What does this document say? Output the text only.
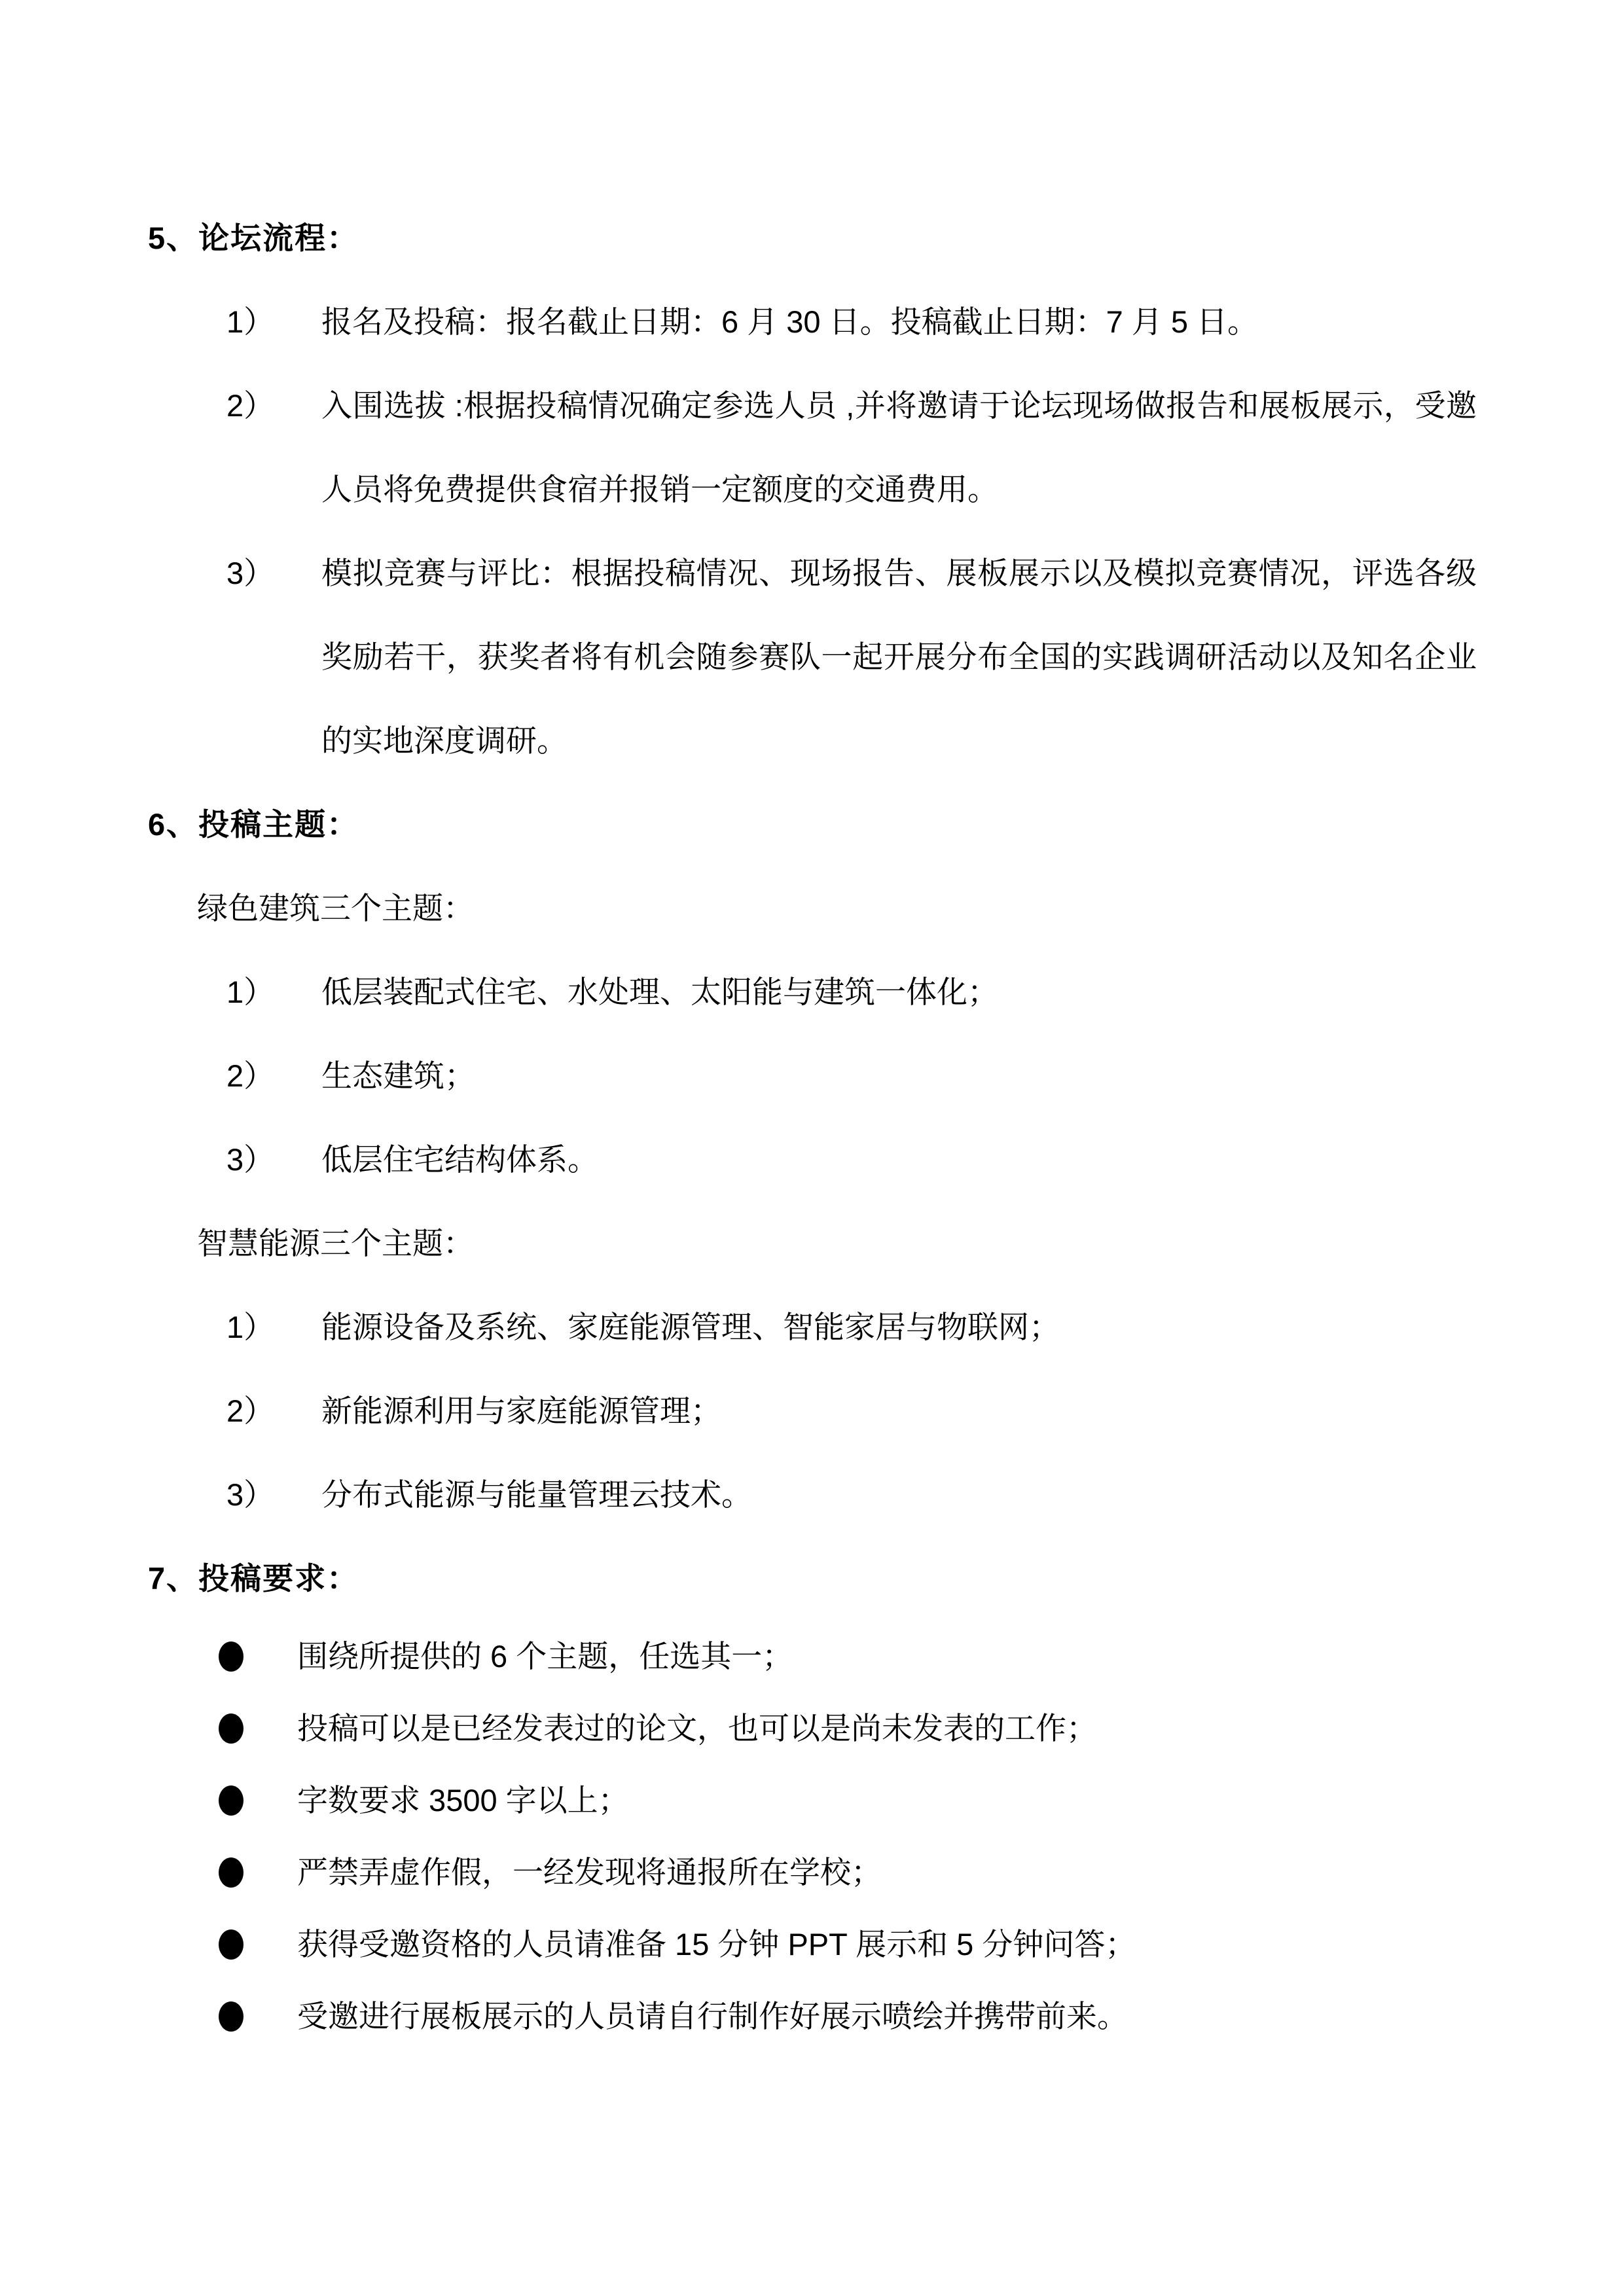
5、论坛流程：
1）	报名及投稿：报名截止日期：6 月 30 日。投稿截止日期：7 月 5 日。
2）	入围选拔 :根据投稿情况确定参选人员 ,并将邀请于论坛现场做报告和展板展示，受邀人员将免费提供食宿并报销一定额度的交通费用。
3）	模拟竞赛与评比：根据投稿情况、现场报告、展板展示以及模拟竞赛情况，评选各级奖励若干，获奖者将有机会随参赛队一起开展分布全国的实践调研活动以及知名企业的实地深度调研。
6、投稿主题：
绿色建筑三个主题：
1）	低层装配式住宅、水处理、太阳能与建筑一体化；
2）	生态建筑；
3）	低层住宅结构体系。
智慧能源三个主题：
1）	能源设备及系统、家庭能源管理、智能家居与物联网；
2）	新能源利用与家庭能源管理；
3）	分布式能源与能量管理云技术。
7、投稿要求：
围绕所提供的 6 个主题，任选其一；
投稿可以是已经发表过的论文，也可以是尚未发表的工作；
字数要求 3500 字以上；
严禁弄虚作假，一经发现将通报所在学校；
获得受邀资格的人员请准备 15 分钟 PPT 展示和 5 分钟问答；
受邀进行展板展示的人员请自行制作好展示喷绘并携带前来。
